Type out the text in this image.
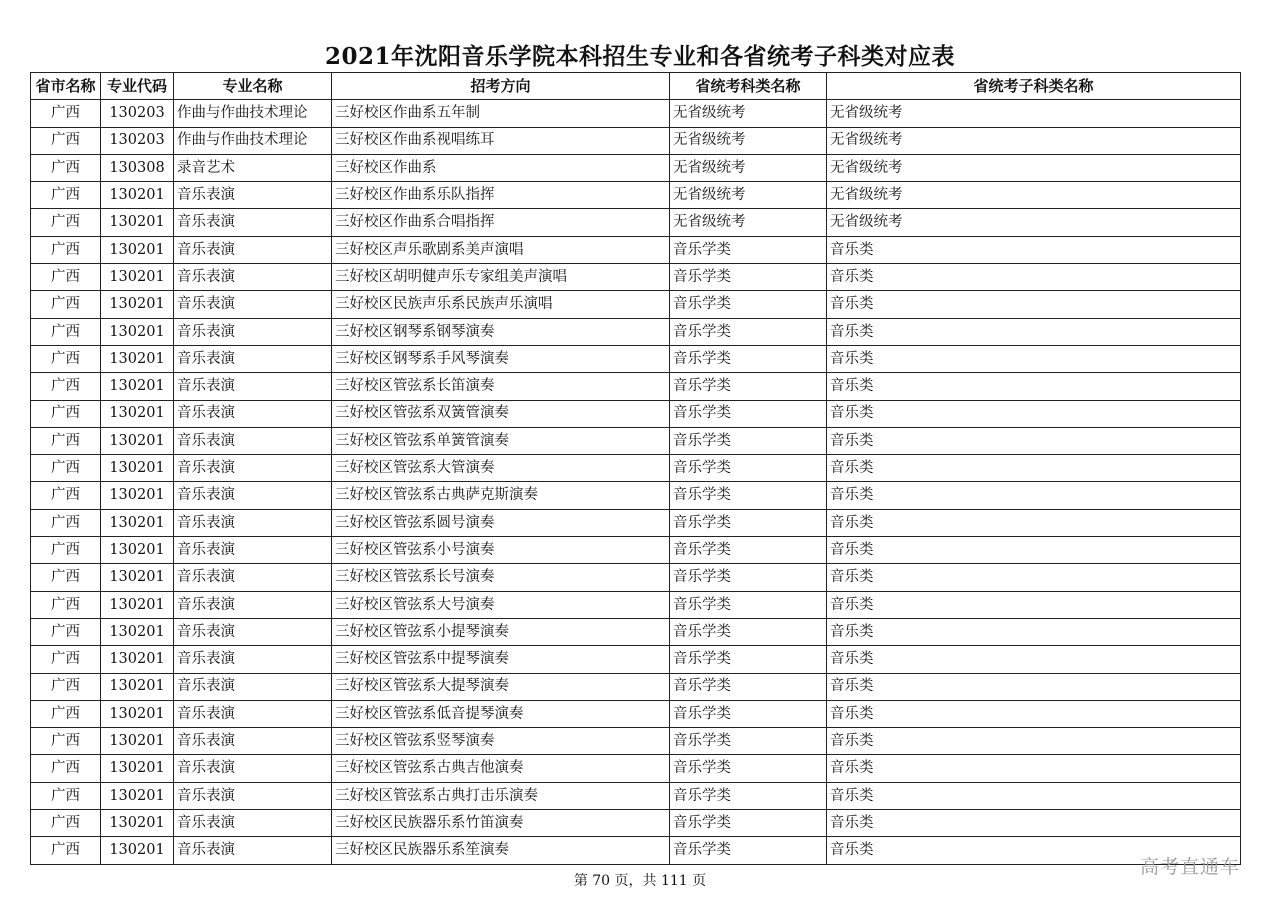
2021年沈阳音乐学院本科招生专业和各省统考子科类对应表
省市名称	专业代码	专业名称	招考方向	省统考科类名称	省统考子科类名称
广西	130203	作曲与作曲技术理论	三好校区作曲系五年制	无省级统考	无省级统考
广西	130203	作曲与作曲技术理论	三好校区作曲系视唱练耳	无省级统考	无省级统考
广西	130308	录音艺术	三好校区作曲系	无省级统考	无省级统考
广西	130201	音乐表演	三好校区作曲系乐队指挥	无省级统考	无省级统考
广西	130201	音乐表演	三好校区作曲系合唱指挥	无省级统考	无省级统考
广西	130201	音乐表演	三好校区声乐歌剧系美声演唱	音乐学类	音乐类
广西	130201	音乐表演	三好校区胡明健声乐专家组美声演唱	音乐学类	音乐类
广西	130201	音乐表演	三好校区民族声乐系民族声乐演唱	音乐学类	音乐类
广西	130201	音乐表演	三好校区钢琴系钢琴演奏	音乐学类	音乐类
广西	130201	音乐表演	三好校区钢琴系手风琴演奏	音乐学类	音乐类
广西	130201	音乐表演	三好校区管弦系长笛演奏	音乐学类	音乐类
广西	130201	音乐表演	三好校区管弦系双簧管演奏	音乐学类	音乐类
广西	130201	音乐表演	三好校区管弦系单簧管演奏	音乐学类	音乐类
广西	130201	音乐表演	三好校区管弦系大管演奏	音乐学类	音乐类
广西	130201	音乐表演	三好校区管弦系古典萨克斯演奏	音乐学类	音乐类
广西	130201	音乐表演	三好校区管弦系圆号演奏	音乐学类	音乐类
广西	130201	音乐表演	三好校区管弦系小号演奏	音乐学类	音乐类
广西	130201	音乐表演	三好校区管弦系长号演奏	音乐学类	音乐类
广西	130201	音乐表演	三好校区管弦系大号演奏	音乐学类	音乐类
广西	130201	音乐表演	三好校区管弦系小提琴演奏	音乐学类	音乐类
广西	130201	音乐表演	三好校区管弦系中提琴演奏	音乐学类	音乐类
广西	130201	音乐表演	三好校区管弦系大提琴演奏	音乐学类	音乐类
广西	130201	音乐表演	三好校区管弦系低音提琴演奏	音乐学类	音乐类
广西	130201	音乐表演	三好校区管弦系竖琴演奏	音乐学类	音乐类
广西	130201	音乐表演	三好校区管弦系古典吉他演奏	音乐学类	音乐类
广西	130201	音乐表演	三好校区管弦系古典打击乐演奏	音乐学类	音乐类
广西	130201	音乐表演	三好校区民族器乐系竹笛演奏	音乐学类	音乐类
广西	130201	音乐表演	三好校区民族器乐系笙演奏	音乐学类	音乐类
第 70 页，共 111 页
高考直通车
